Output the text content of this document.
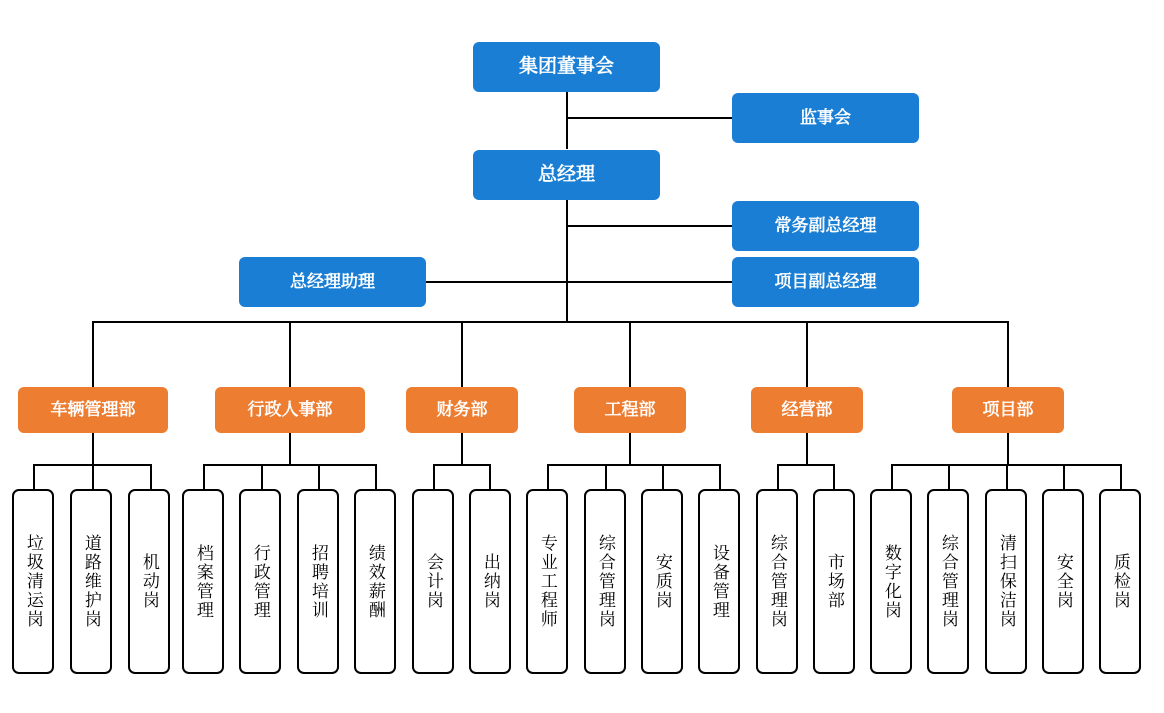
集团董事会
监事会
总经理
常务副总经理
总经理助理	项目副总经理
车辆管理部	行政人事部	财务部	工程部	经营部	项目部
垃圾清运岗 道路维护岗 机动岗 档案管理 行政管理 招聘培训 绩效薪酬 会计岗 出纳岗 专业工程师 综合管理岗 安质岗 设备管理 综合管理岗 市场部 数字化岗 综合管理岗 清扫保洁岗 安全岗 质检岗
